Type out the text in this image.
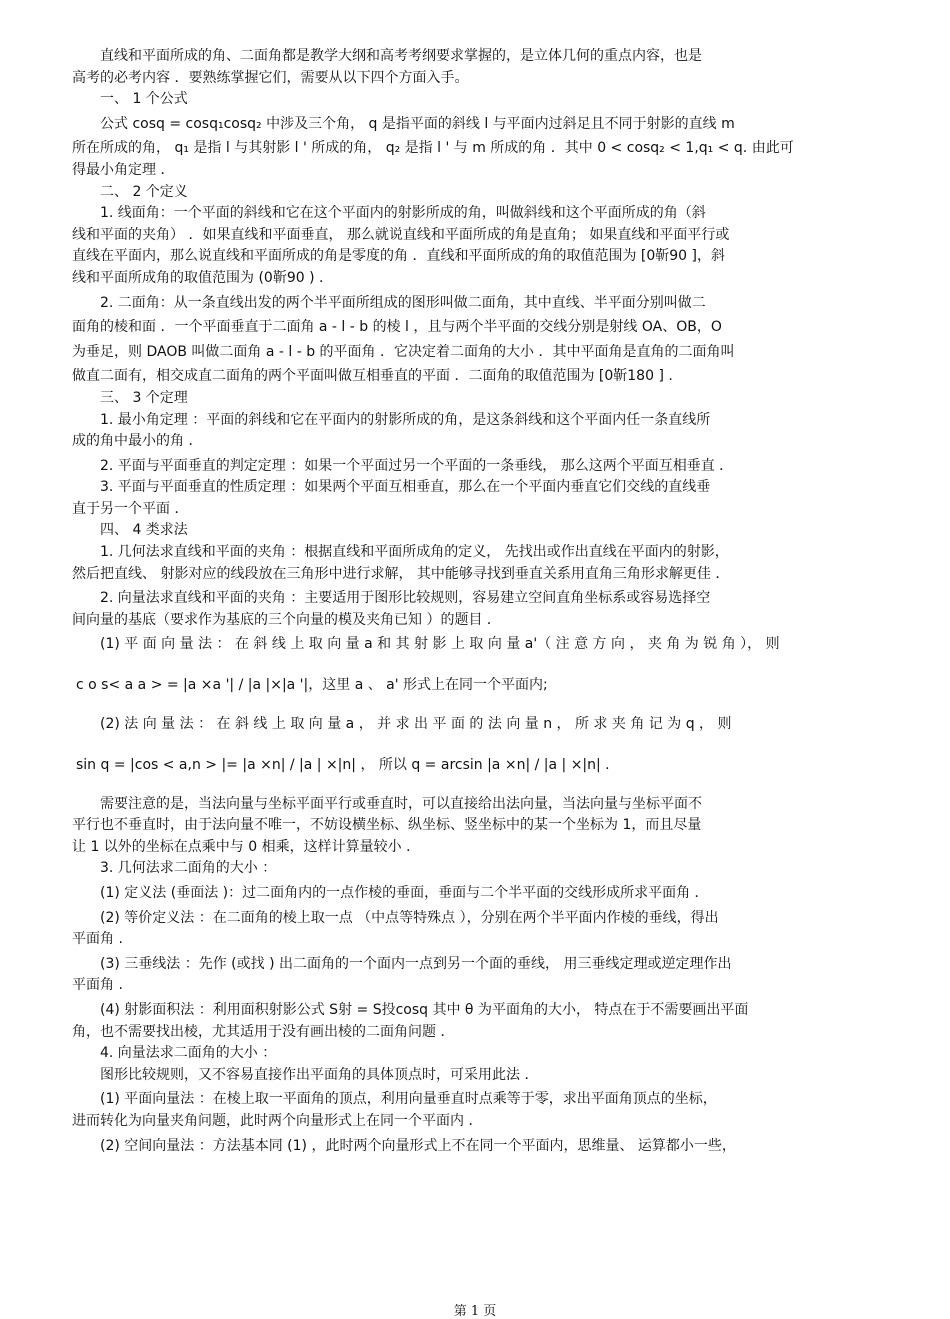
　　直线和平面所成的角、二面角都是教学大纲和高考考纲要求掌握的，是立体几何的重点内容，也是

高考的必考内容 ．要熟练掌握它们，需要从以下四个方面入手。

　　一、 1 个公式

　　公式 cosq = cosq₁cosq₂ 中涉及三个角， q 是指平面的斜线 l 与平面内过斜足且不同于射影的直线 m

所在所成的角， q₁ 是指 l 与其射影 l ' 所成的角， q₂ 是指 l ' 与 m 所成的角 ．其中 0 < cosq₂ < 1,q₁ < q. 由此可

得最小角定理 ．

　　二、 2 个定义

　　1. 线面角：一个平面的斜线和它在这个平面内的射影所成的角，叫做斜线和这个平面所成的角（斜

线和平面的夹角） ．如果直线和平面垂直， 那么就说直线和平面所成的角是直角； 如果直线和平面平行或

直线在平面内，那么说直线和平面所成的角是零度的角 ．直线和平面所成的角的取值范围为 [0靳90 ]，斜

线和平面所成角的取值范围为 (0靳90 ) .

　　2. 二面角：从一条直线出发的两个半平面所组成的图形叫做二面角，其中直线、半平面分别叫做二

面角的棱和面 ．一个平面垂直于二面角 a - l - b 的棱 l ，且与两个半平面的交线分别是射线 OA、OB，O

为垂足，则 DAOB 叫做二面角 a - l - b 的平面角 ．它决定着二面角的大小 ．其中平面角是直角的二面角叫

做直二面有，相交成直二面角的两个平面叫做互相垂直的平面 ．二面角的取值范围为 [0靳180 ] .

　　三、 3 个定理

　　1. 最小角定理 ：平面的斜线和它在平面内的射影所成的角，是这条斜线和这个平面内任一条直线所

成的角中最小的角 ．

　　2. 平面与平面垂直的判定定理 ：如果一个平面过另一个平面的一条垂线， 那么这两个平面互相垂直 ．

　　3. 平面与平面垂直的性质定理 ：如果两个平面互相垂直，那么在一个平面内垂直它们交线的直线垂

直于另一个平面 ．

　　四、 4 类求法

　　1. 几何法求直线和平面的夹角 ：根据直线和平面所成角的定义， 先找出或作出直线在平面内的射影，

然后把直线、 射影对应的线段放在三角形中进行求解， 其中能够寻找到垂直关系用直角三角形求解更佳 ．

　　2. 向量法求直线和平面的夹角 ：主要适用于图形比较规则，容易建立空间直角坐标系或容易选择空

间向量的基底（要求作为基底的三个向量的模及夹角已知 ）的题目 ．

　　(1) 平 面 向 量 法 ： 在 斜 线 上 取 向 量 a 和 其 射 影 上 取 向 量 a'（ 注 意 方 向 ， 夹 角 为 锐 角 ）， 则

c o s< a a > = |a ×a '| / |a |×|a '|，这里 a 、 a' 形式上在同一个平面内;

　　(2) 法 向 量 法 ： 在 斜 线 上 取 向 量 a ， 并 求 出 平 面 的 法 向 量 n ， 所 求 夹 角 记 为 q ， 则

sin q = |cos < a,n > |= |a ×n| / |a | ×|n| ， 所以 q = arcsin |a ×n| / |a | ×|n| .

　　需要注意的是，当法向量与坐标平面平行或垂直时，可以直接给出法向量，当法向量与坐标平面不

平行也不垂直时，由于法向量不唯一，不妨设横坐标、纵坐标、竖坐标中的某一个坐标为 1，而且尽量

让 1 以外的坐标在点乘中与 0 相乘，这样计算量较小 ．

　　3. 几何法求二面角的大小 ：

　　(1) 定义法 (垂面法 )：过二面角内的一点作棱的垂面，垂面与二个半平面的交线形成所求平面角 ．

　　(2) 等价定义法 ：在二面角的棱上取一点 （中点等特殊点 ），分别在两个半平面内作棱的垂线，得出

平面角 .

　　(3) 三垂线法 ：先作 (或找 ) 出二面角的一个面内一点到另一个面的垂线， 用三垂线定理或逆定理作出

平面角 .

　　(4) 射影面积法 ：利用面积射影公式 S射 = S投cosq 其中 θ 为平面角的大小， 特点在于不需要画出平面

角，也不需要找出棱，尤其适用于没有画出棱的二面角问题 ．

　　4. 向量法求二面角的大小 ：

　　图形比较规则，又不容易直接作出平面角的具体顶点时，可采用此法 ．

　　(1) 平面向量法 ：在棱上取一平面角的顶点，利用向量垂直时点乘等于零，求出平面角顶点的坐标，

进而转化为向量夹角问题，此时两个向量形式上在同一个平面内 ．

　　(2) 空间向量法 ：方法基本同 (1) ，此时两个向量形式上不在同一个平面内，思维量、 运算都小一些，

第 1 页
